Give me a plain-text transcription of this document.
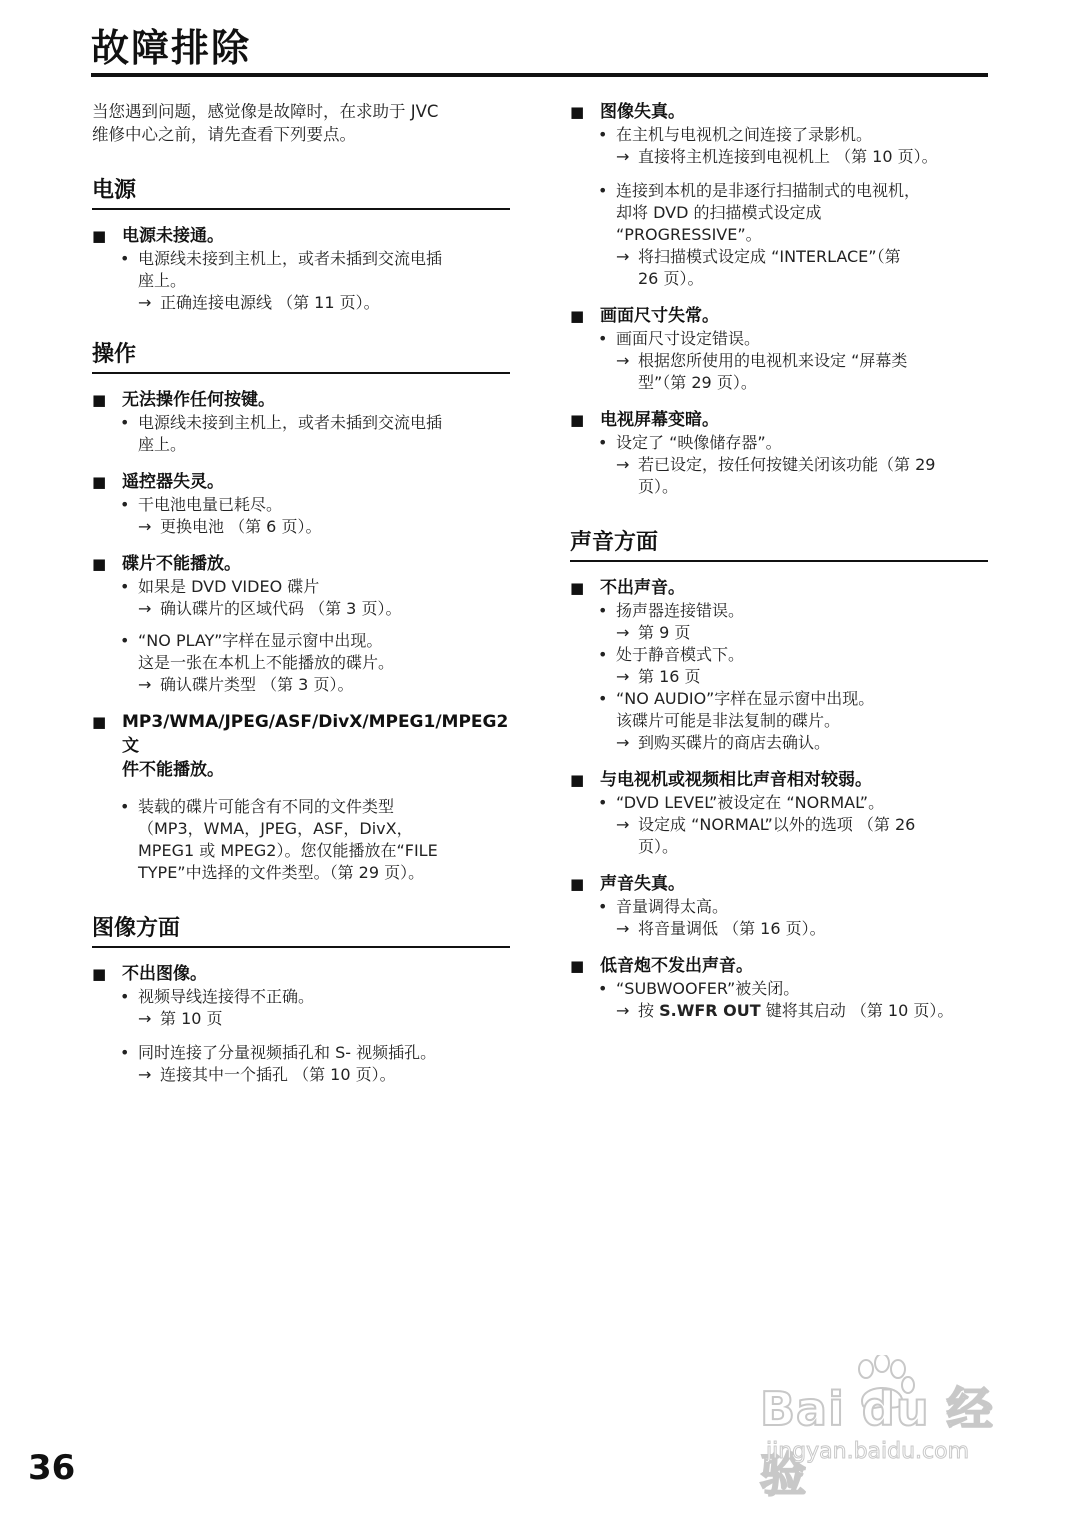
故障排除

当您遇到问题，感觉像是故障时，在求助于 JVC
维修中心之前，请先查看下列要点。

电源
■ 电源未接通。
• 电源线未接到主机上，或者未插到交流电插
座上。
→ 正确连接电源线 （第 11 页）。
操作
■ 无法操作任何按键。
• 电源线未接到主机上，或者未插到交流电插
座上。
■ 遥控器失灵。
• 干电池电量已耗尽。
→ 更换电池 （第 6 页）。
■ 碟片不能播放。
• 如果是 DVD VIDEO 碟片
→ 确认碟片的区域代码 （第 3 页）。
• “NO PLAY”字样在显示窗中出现。
这是一张在本机上不能播放的碟片。
→ 确认碟片类型 （第 3 页）。
■ MP3/WMA/JPEG/ASF/DivX/MPEG1/MPEG2 文
件不能播放。
• 装载的碟片可能含有不同的文件类型
（MP3，WMA，JPEG，ASF，DivX，
MPEG1 或 MPEG2）。您仅能播放在“FILE
TYPE”中选择的文件类型。（第 29 页）。
图像方面
■ 不出图像。
• 视频导线连接得不正确。
→ 第 10 页
• 同时连接了分量视频插孔和 S- 视频插孔。
→ 连接其中一个插孔 （第 10 页）。
■ 图像失真。
• 在主机与电视机之间连接了录影机。
→ 直接将主机连接到电视机上 （第 10 页）。
• 连接到本机的是非逐行扫描制式的电视机，
却将 DVD 的扫描模式设定成
“PROGRESSIVE”。
→ 将扫描模式设定成 “INTERLACE”（第
26 页）。
■ 画面尺寸失常。
• 画面尺寸设定错误。
→ 根据您所使用的电视机来设定 “屏幕类
型”（第 29 页）。
■ 电视屏幕变暗。
• 设定了 “映像储存器”。
→ 若已设定，按任何按键关闭该功能（第 29
页）。
声音方面
■ 不出声音。
• 扬声器连接错误。
→ 第 9 页
• 处于静音模式下。
→ 第 16 页
• “NO AUDIO”字样在显示窗中出现。
该碟片可能是非法复制的碟片。
→ 到购买碟片的商店去确认。
■ 与电视机或视频相比声音相对较弱。
• “DVD LEVEL”被设定在 “NORMAL”。
→ 设定成 “NORMAL”以外的选项 （第 26
页）。
■ 声音失真。
• 音量调得太高。
→ 将音量调低 （第 16 页）。
■ 低音炮不发出声音。
• “SUBWOOFER”被关闭。
→ 按 S.WFR OUT 键将其启动 （第 10 页）。
Bai du 经验
jingyan.baidu.com
36
